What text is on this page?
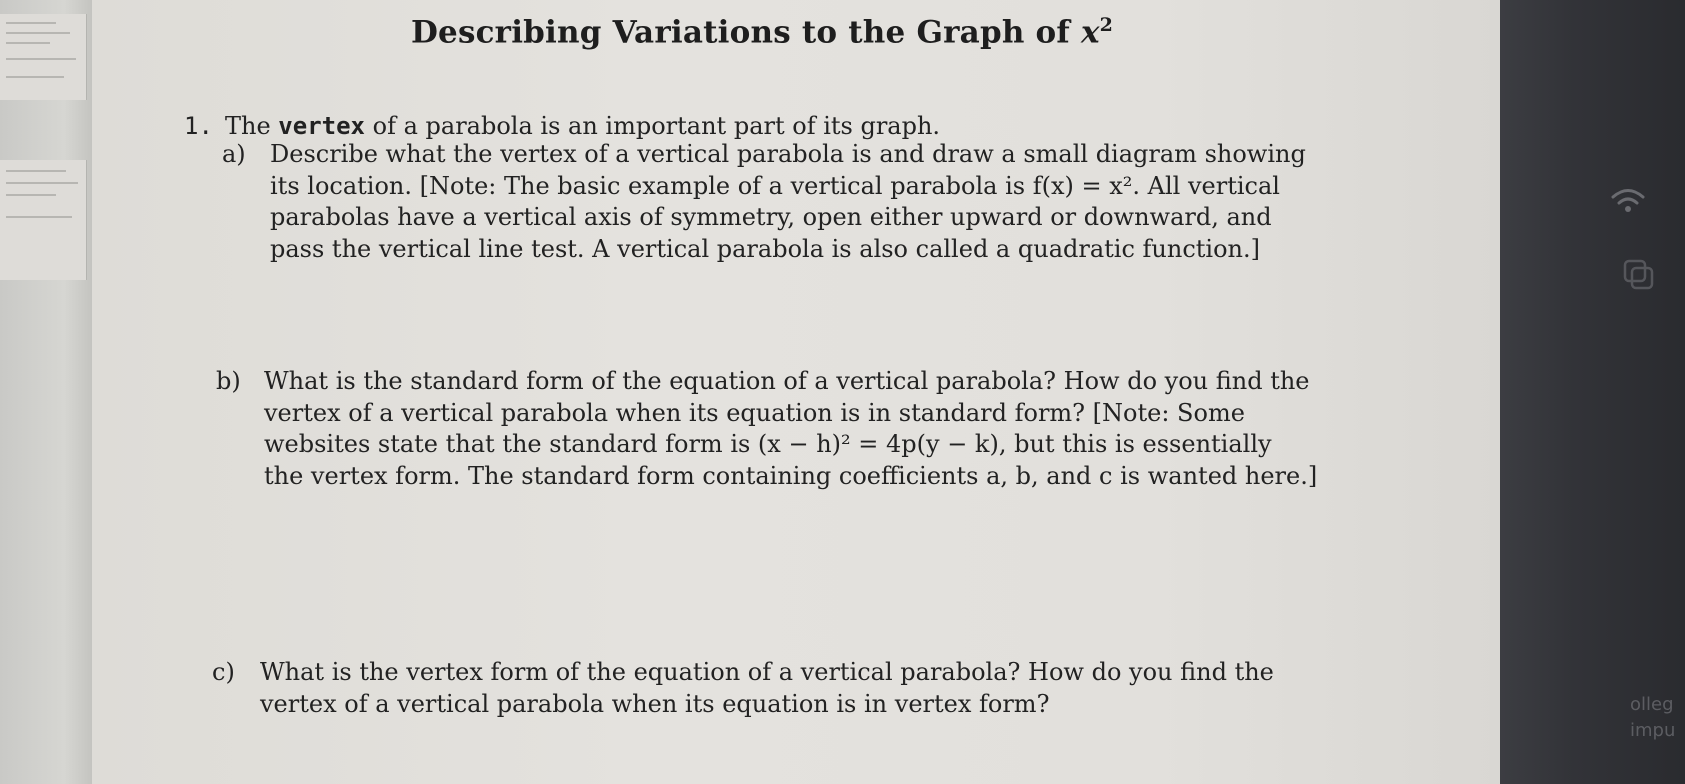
Describing Variations to the Graph of $x^2$
1. The vertex of a parabola is an important part of its graph.
a) Describe what the vertex of a vertical parabola is and draw a small diagram showing
its location. [Note: The basic example of a vertical parabola is f(x) = x². All vertical
parabolas have a vertical axis of symmetry, open either upward or downward, and
pass the vertical line test. A vertical parabola is also called a quadratic function.]
b) What is the standard form of the equation of a vertical parabola? How do you find the
vertex of a vertical parabola when its equation is in standard form? [Note: Some
websites state that the standard form is (x − h)² = 4p(y − k), but this is essentially
the vertex form. The standard form containing coefficients a, b, and c is wanted here.]
c) What is the vertex form of the equation of a vertical parabola? How do you find the
vertex of a vertical parabola when its equation is in vertex form?	olleg
impu
